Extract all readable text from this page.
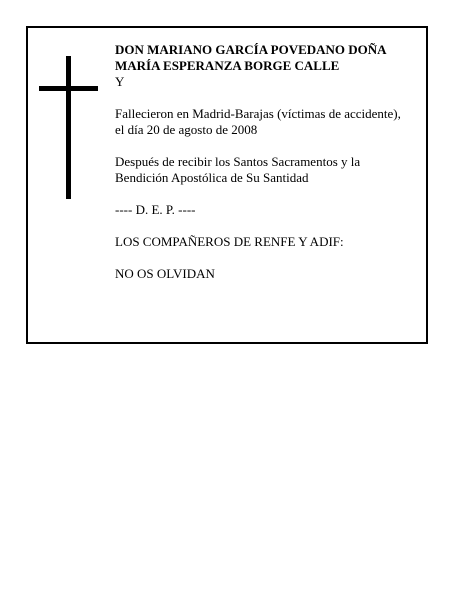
DON MARIANO GARCÍA POVEDANO DOÑA

MARÍA ESPERANZA BORGE CALLE

Y

Fallecieron en Madrid-Barajas (víctimas de accidente),

el día 20 de agosto de 2008

Después de recibir los Santos Sacramentos y la

Bendición Apostólica de Su Santidad

---- D. E. P. ----

LOS COMPAÑEROS DE RENFE Y ADIF:

NO OS OLVIDAN
